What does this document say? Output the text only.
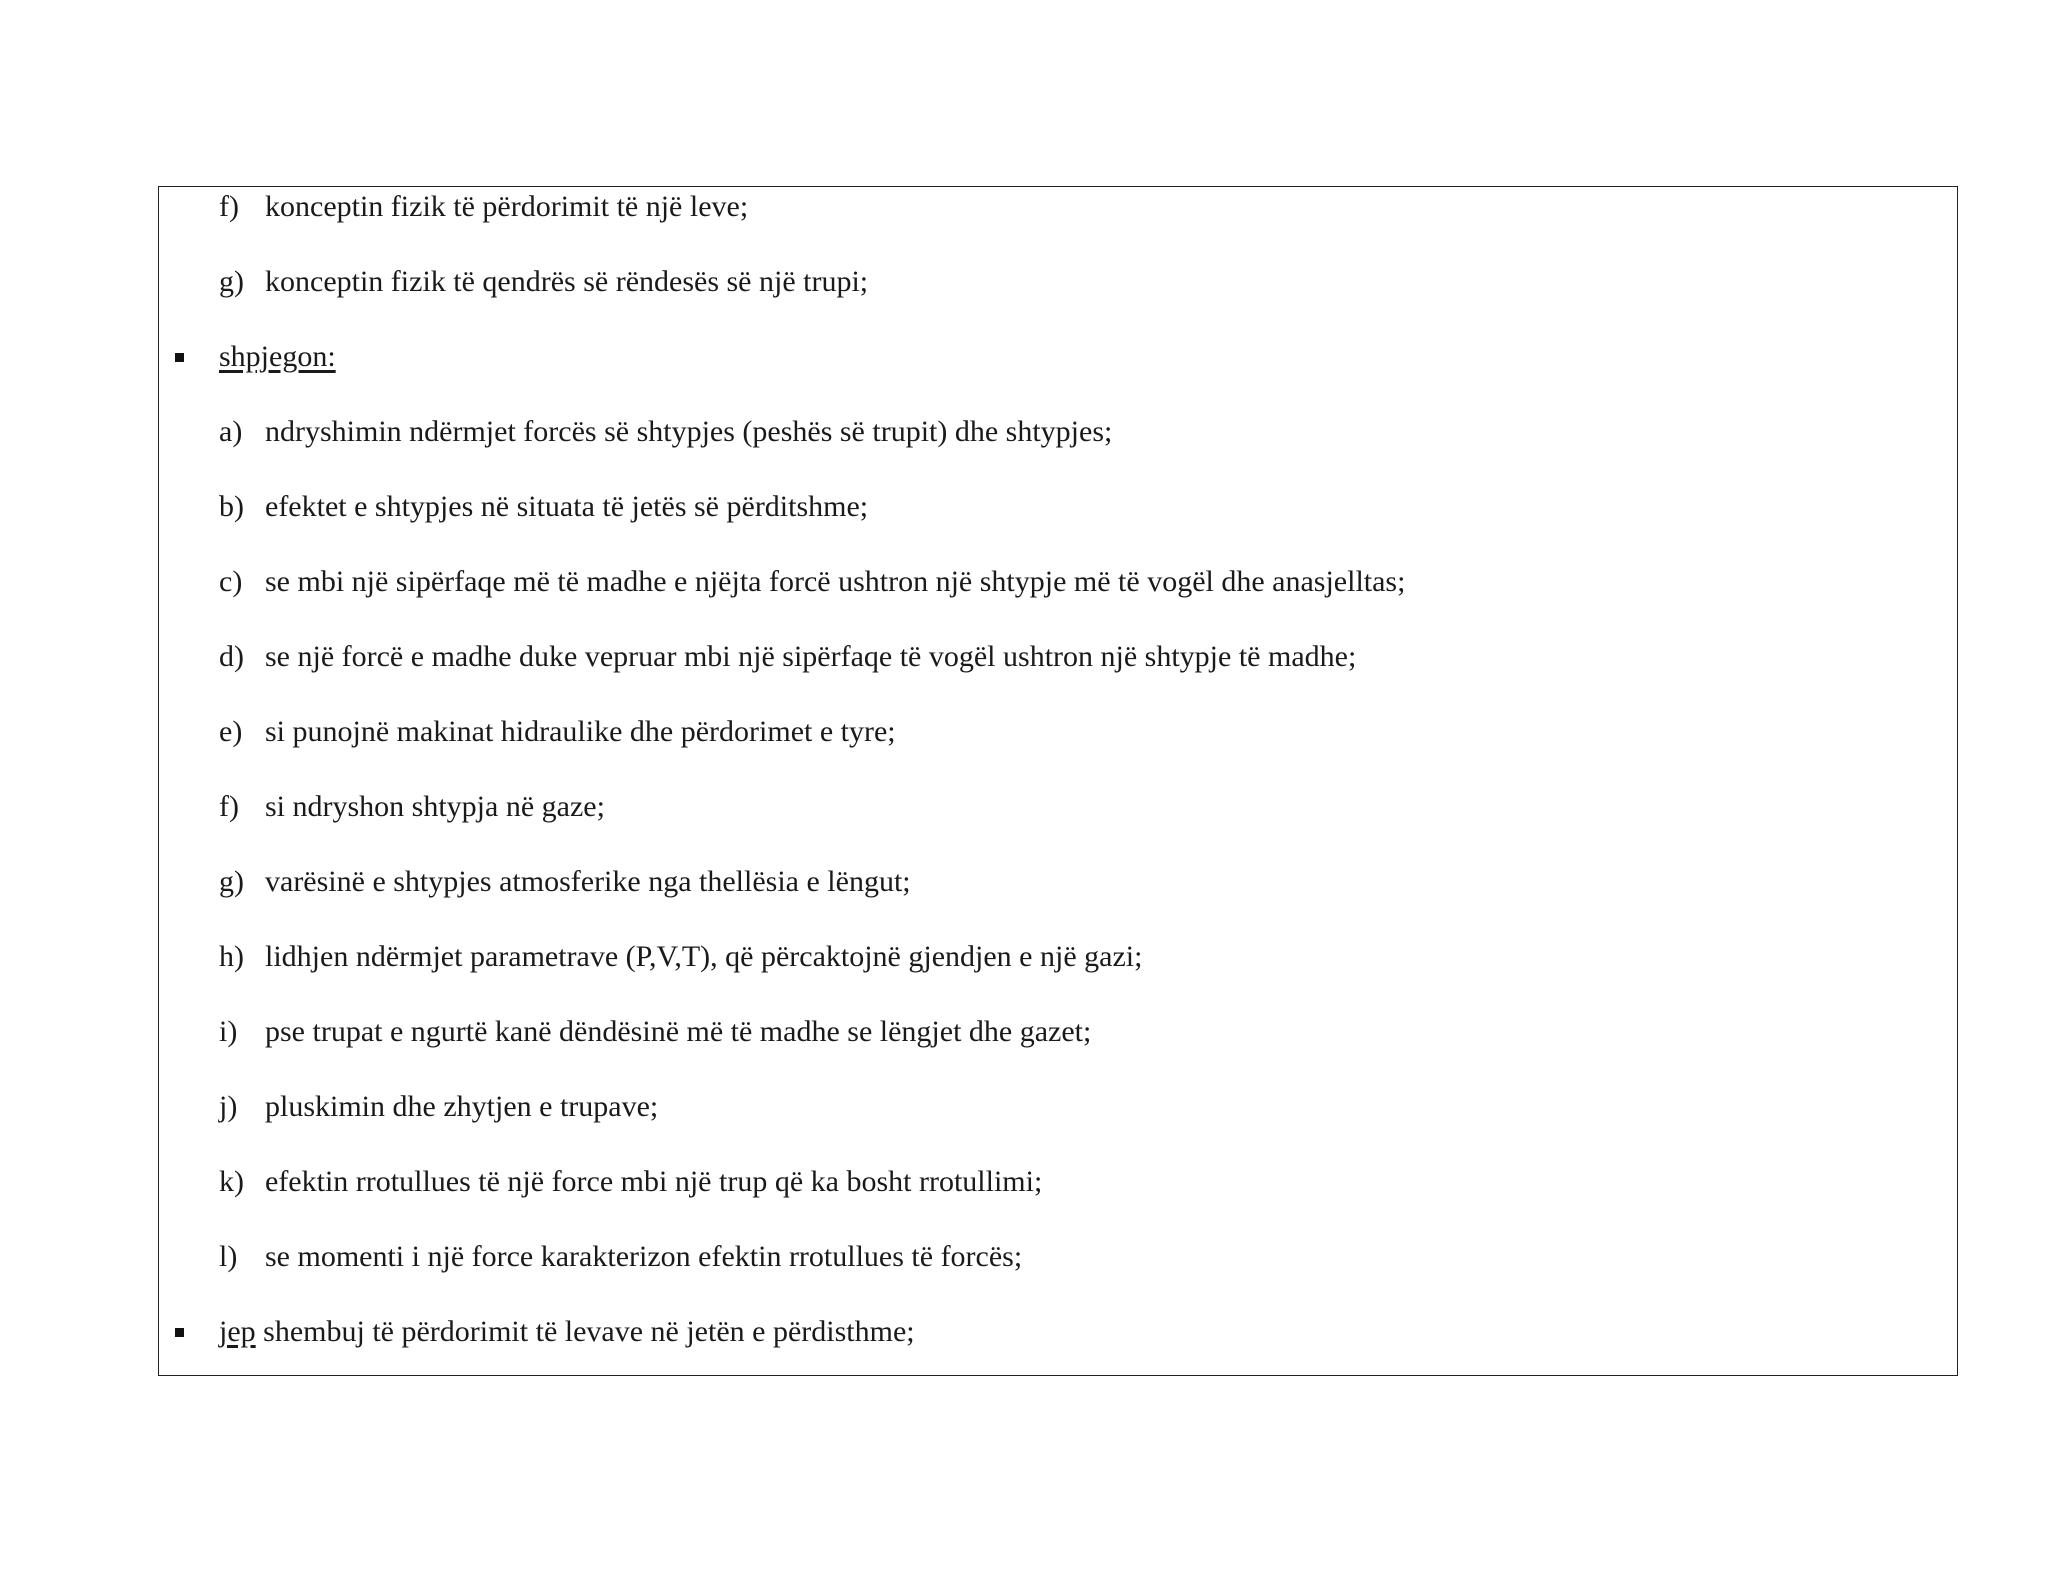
f) konceptin fizik të përdorimit të një leve;
g) konceptin fizik të qendrës së rëndesës së një trupi;
shpjegon:
a) ndryshimin ndërmjet forcës së shtypjes (peshës së trupit) dhe shtypjes;
b) efektet e shtypjes në situata të jetës së përditshme;
c) se mbi një sipërfaqe më të madhe e njëjta forcë ushtron një shtypje më të vogël dhe anasjelltas;
d) se një forcë e madhe duke vepruar mbi një sipërfaqe të vogël ushtron një shtypje të madhe;
e) si punojnë makinat hidraulike dhe përdorimet e tyre;
f) si ndryshon shtypja në gaze;
g) varësinë e shtypjes atmosferike nga thellësia e lëngut;
h) lidhjen ndërmjet parametrave (P,V,T), që përcaktojnë gjendjen e një gazi;
i) pse trupat e ngurtë kanë dëndësinë më të madhe se lëngjet dhe gazet;
j) pluskimin dhe zhytjen e trupave;
k) efektin rrotullues të një force mbi një trup që ka bosht rrotullimi;
l) se momenti i një force karakterizon efektin rrotullues të forcës;
jep shembuj të përdorimit të levave në jetën e përdisthme;
